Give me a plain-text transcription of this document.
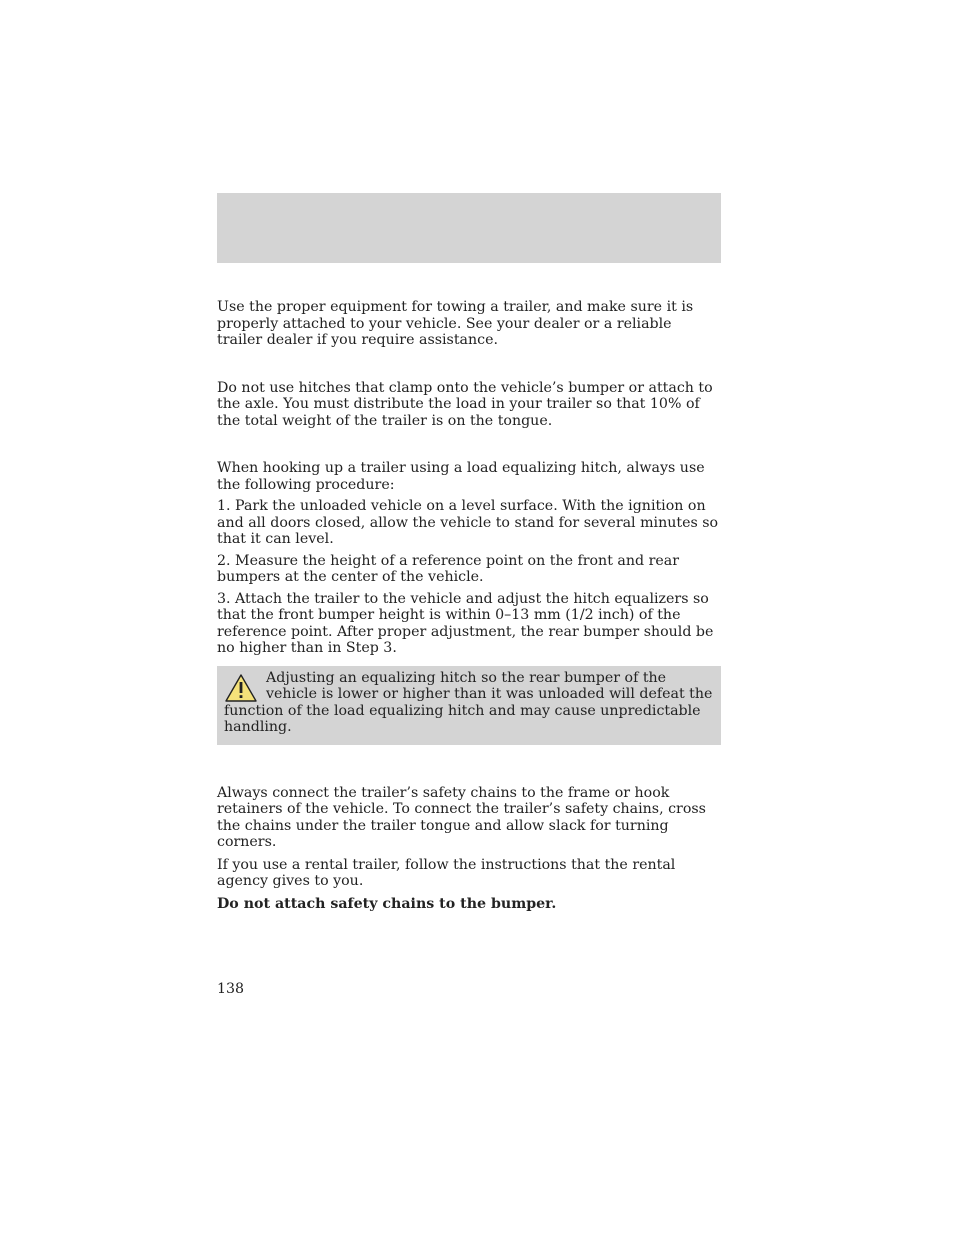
Use the proper equipment for towing a trailer, and make sure it is properly attached to your vehicle. See your dealer or a reliable trailer dealer if you require assistance.

Do not use hitches that clamp onto the vehicle’s bumper or attach to the axle. You must distribute the load in your trailer so that 10% of the total weight of the trailer is on the tongue.

When hooking up a trailer using a load equalizing hitch, always use the following procedure:

1. Park the unloaded vehicle on a level surface. With the ignition on and all doors closed, allow the vehicle to stand for several minutes so that it can level.

2. Measure the height of a reference point on the front and rear bumpers at the center of the vehicle.

3. Attach the trailer to the vehicle and adjust the hitch equalizers so that the front bumper height is within 0–13 mm (1/2 inch) of the reference point. After proper adjustment, the rear bumper should be no higher than in Step 3.

Adjusting an equalizing hitch so the rear bumper of the vehicle is lower or higher than it was unloaded will defeat the function of the load equalizing hitch and may cause unpredictable handling.

Always connect the trailer’s safety chains to the frame or hook retainers of the vehicle. To connect the trailer’s safety chains, cross the chains under the trailer tongue and allow slack for turning corners.

If you use a rental trailer, follow the instructions that the rental agency gives to you.

Do not attach safety chains to the bumper.

138
